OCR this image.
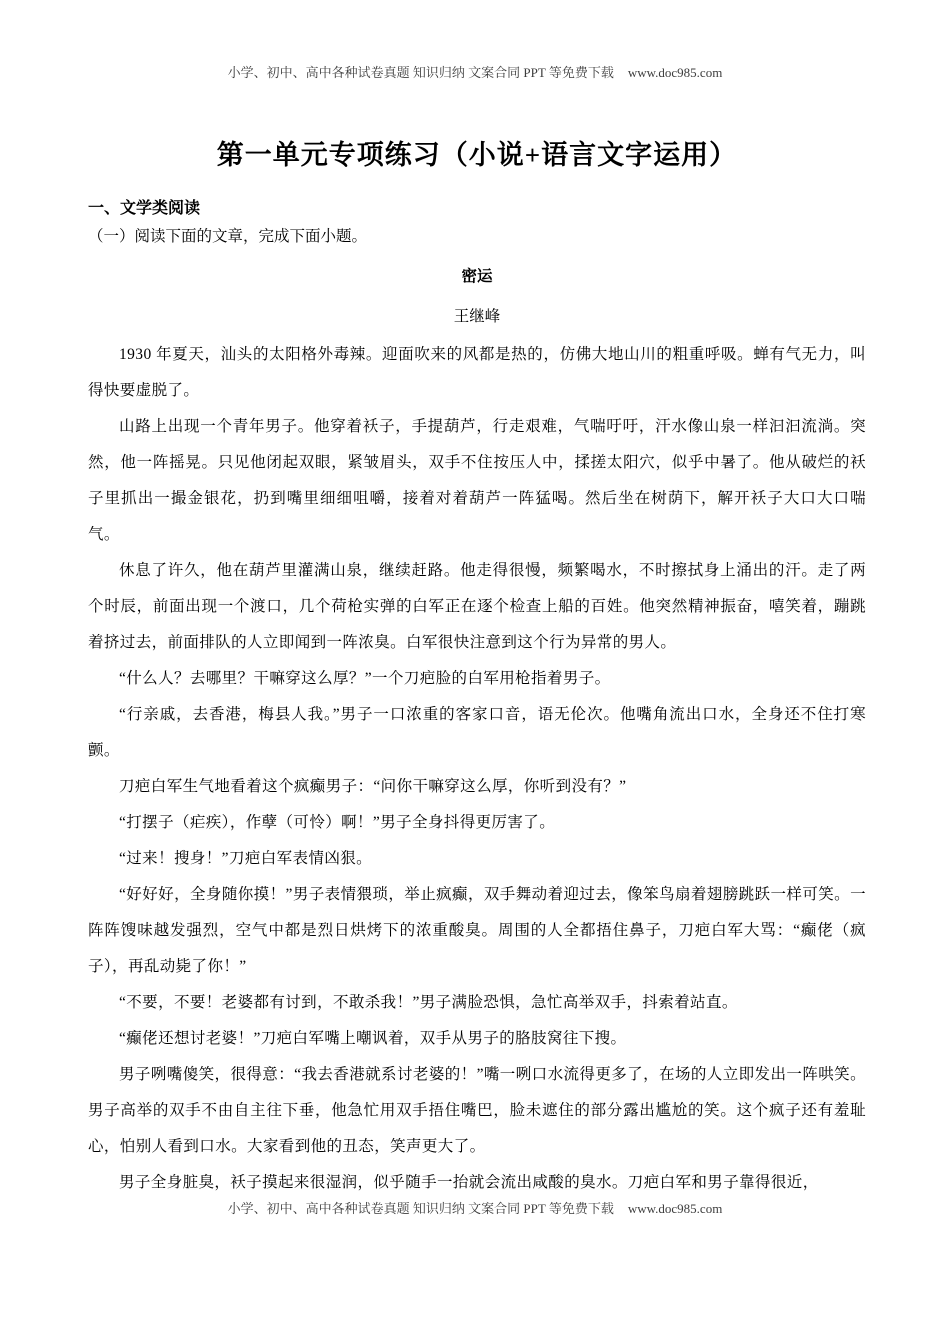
小学、初中、高中各种试卷真题 知识归纳 文案合同 PPT 等免费下载 www.doc985.com
第一单元专项练习（小说+语言文字运用）
一、文学类阅读
（一）阅读下面的文章，完成下面小题。
密运
王继峰

1930 年夏天，汕头的太阳格外毒辣。迎面吹来的风都是热的，仿佛大地山川的粗重呼吸。蝉有气无力，叫得快要虚脱了。

山路上出现一个青年男子。他穿着袄子，手提葫芦，行走艰难，气喘吁吁，汗水像山泉一样汩汩流淌。突然，他一阵摇晃。只见他闭起双眼，紧皱眉头，双手不住按压人中，揉搓太阳穴，似乎中暑了。他从破烂的袄子里抓出一撮金银花，扔到嘴里细细咀嚼，接着对着葫芦一阵猛喝。然后坐在树荫下，解开袄子大口大口喘气。

休息了许久，他在葫芦里灌满山泉，继续赶路。他走得很慢，频繁喝水，不时擦拭身上涌出的汗。走了两个时辰，前面出现一个渡口，几个荷枪实弹的白军正在逐个检查上船的百姓。他突然精神振奋，嘻笑着，蹦跳着挤过去，前面排队的人立即闻到一阵浓臭。白军很快注意到这个行为异常的男人。

“什么人？去哪里？干嘛穿这么厚？”一个刀疤脸的白军用枪指着男子。

“行亲戚，去香港，梅县人我。”男子一口浓重的客家口音，语无伦次。他嘴角流出口水，全身还不住打寒颤。

刀疤白军生气地看着这个疯癫男子：“问你干嘛穿这么厚，你听到没有？”

“打摆子（疟疾），作孽（可怜）啊！”男子全身抖得更厉害了。

“过来！搜身！”刀疤白军表情凶狠。

“好好好，全身随你摸！”男子表情猥琐，举止疯癫，双手舞动着迎过去，像笨鸟扇着翅膀跳跃一样可笑。一阵阵馊味越发强烈，空气中都是烈日烘烤下的浓重酸臭。周围的人全都捂住鼻子，刀疤白军大骂：“癫佬（疯子），再乱动毙了你！”

“不要，不要！老婆都有讨到，不敢杀我！”男子满脸恐惧，急忙高举双手，抖索着站直。

“癫佬还想讨老婆！”刀疤白军嘴上嘲讽着，双手从男子的胳肢窝往下搜。

男子咧嘴傻笑，很得意：“我去香港就系讨老婆的！”嘴一咧口水流得更多了，在场的人立即发出一阵哄笑。男子高举的双手不由自主往下垂，他急忙用双手捂住嘴巴，脸未遮住的部分露出尴尬的笑。这个疯子还有羞耻心，怕别人看到口水。大家看到他的丑态，笑声更大了。

男子全身脏臭，袄子摸起来很湿润，似乎随手一抬就会流出咸酸的臭水。刀疤白军和男子靠得很近，

小学、初中、高中各种试卷真题 知识归纳 文案合同 PPT 等免费下载 www.doc985.com
